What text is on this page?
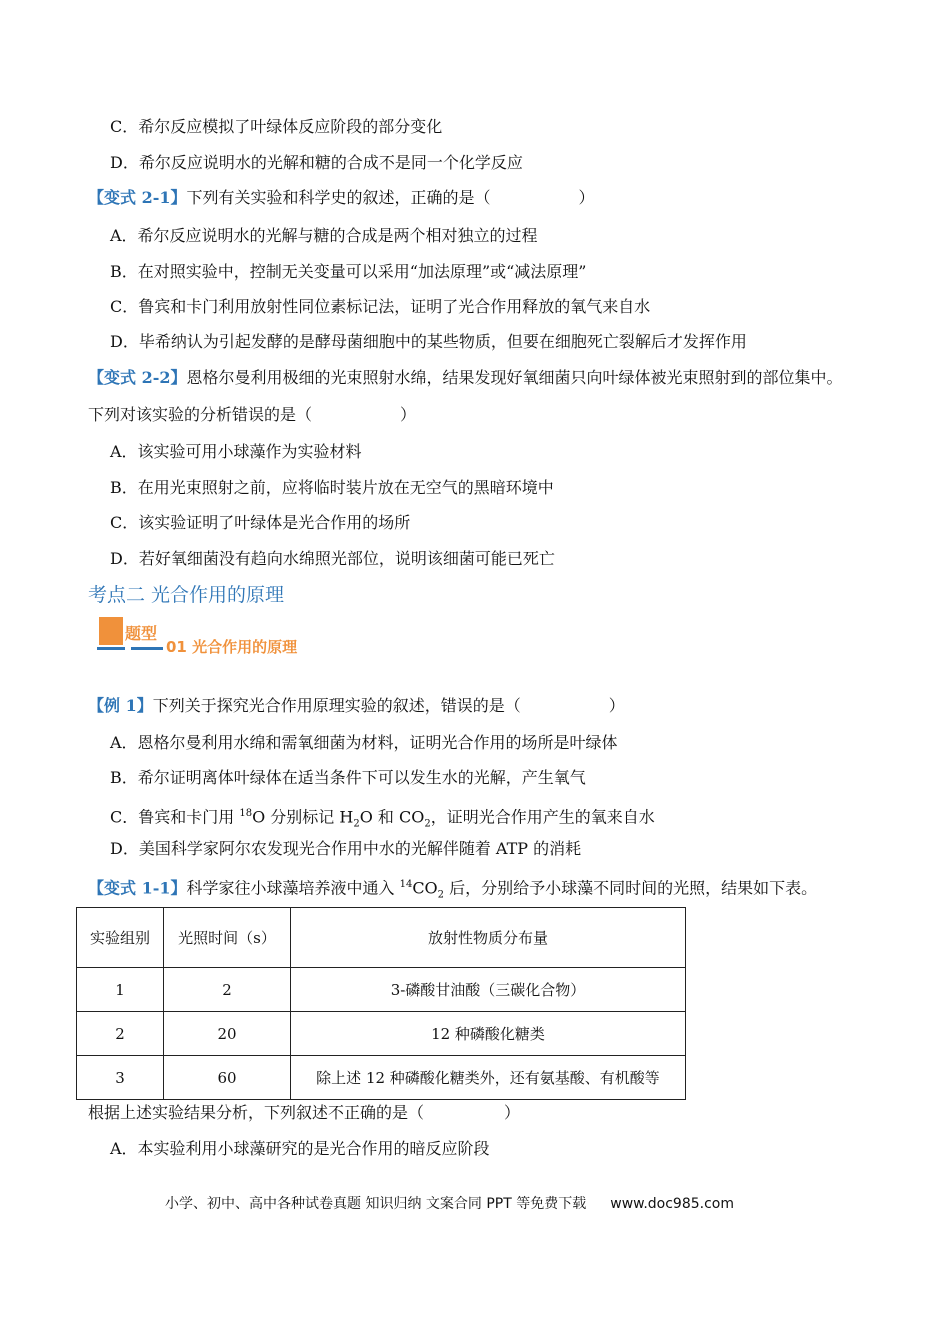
C．希尔反应模拟了叶绿体反应阶段的部分变化
D．希尔反应说明水的光解和糖的合成不是同一个化学反应
【变式 2-1】下列有关实验和科学史的叙述，正确的是（	）
A．希尔反应说明水的光解与糖的合成是两个相对独立的过程
B．在对照实验中，控制无关变量可以采用“加法原理”或“减法原理”
C．鲁宾和卡门利用放射性同位素标记法，证明了光合作用释放的氧气来自水
D．毕希纳认为引起发酵的是酵母菌细胞中的某些物质，但要在细胞死亡裂解后才发挥作用
【变式 2-2】恩格尔曼利用极细的光束照射水绵，结果发现好氧细菌只向叶绿体被光束照射到的部位集中。
下列对该实验的分析错误的是（	）
A．该实验可用小球藻作为实验材料
B．在用光束照射之前，应将临时装片放在无空气的黑暗环境中
C．该实验证明了叶绿体是光合作用的场所
D．若好氧细菌没有趋向水绵照光部位，说明该细菌可能已死亡
考点二 光合作用的原理
题型
01 光合作用的原理
【例 1】下列关于探究光合作用原理实验的叙述，错误的是（	）
A．恩格尔曼利用水绵和需氧细菌为材料，证明光合作用的场所是叶绿体
B．希尔证明离体叶绿体在适当条件下可以发生水的光解，产生氧气
C．鲁宾和卡门用 $^{18}$O 分别标记 $H_2O$ 和 $CO_2$，证明光合作用产生的氧来自水
D．美国科学家阿尔农发现光合作用中水的光解伴随着 ATP 的消耗
【变式 1-1】科学家往小球藻培养液中通入 $^{14}CO_2$ 后，分别给予小球藻不同时间的光照，结果如下表。
实验组别	光照时间（s）	放射性物质分布量
1	2	3-磷酸甘油酸（三碳化合物）
2	20	12 种磷酸化糖类
3	60	除上述 12 种磷酸化糖类外，还有氨基酸、有机酸等
根据上述实验结果分析，下列叙述不正确的是（	）
A．本实验利用小球藻研究的是光合作用的暗反应阶段
小学、初中、高中各种试卷真题 知识归纳 文案合同 PPT 等免费下载 www.doc985.com
